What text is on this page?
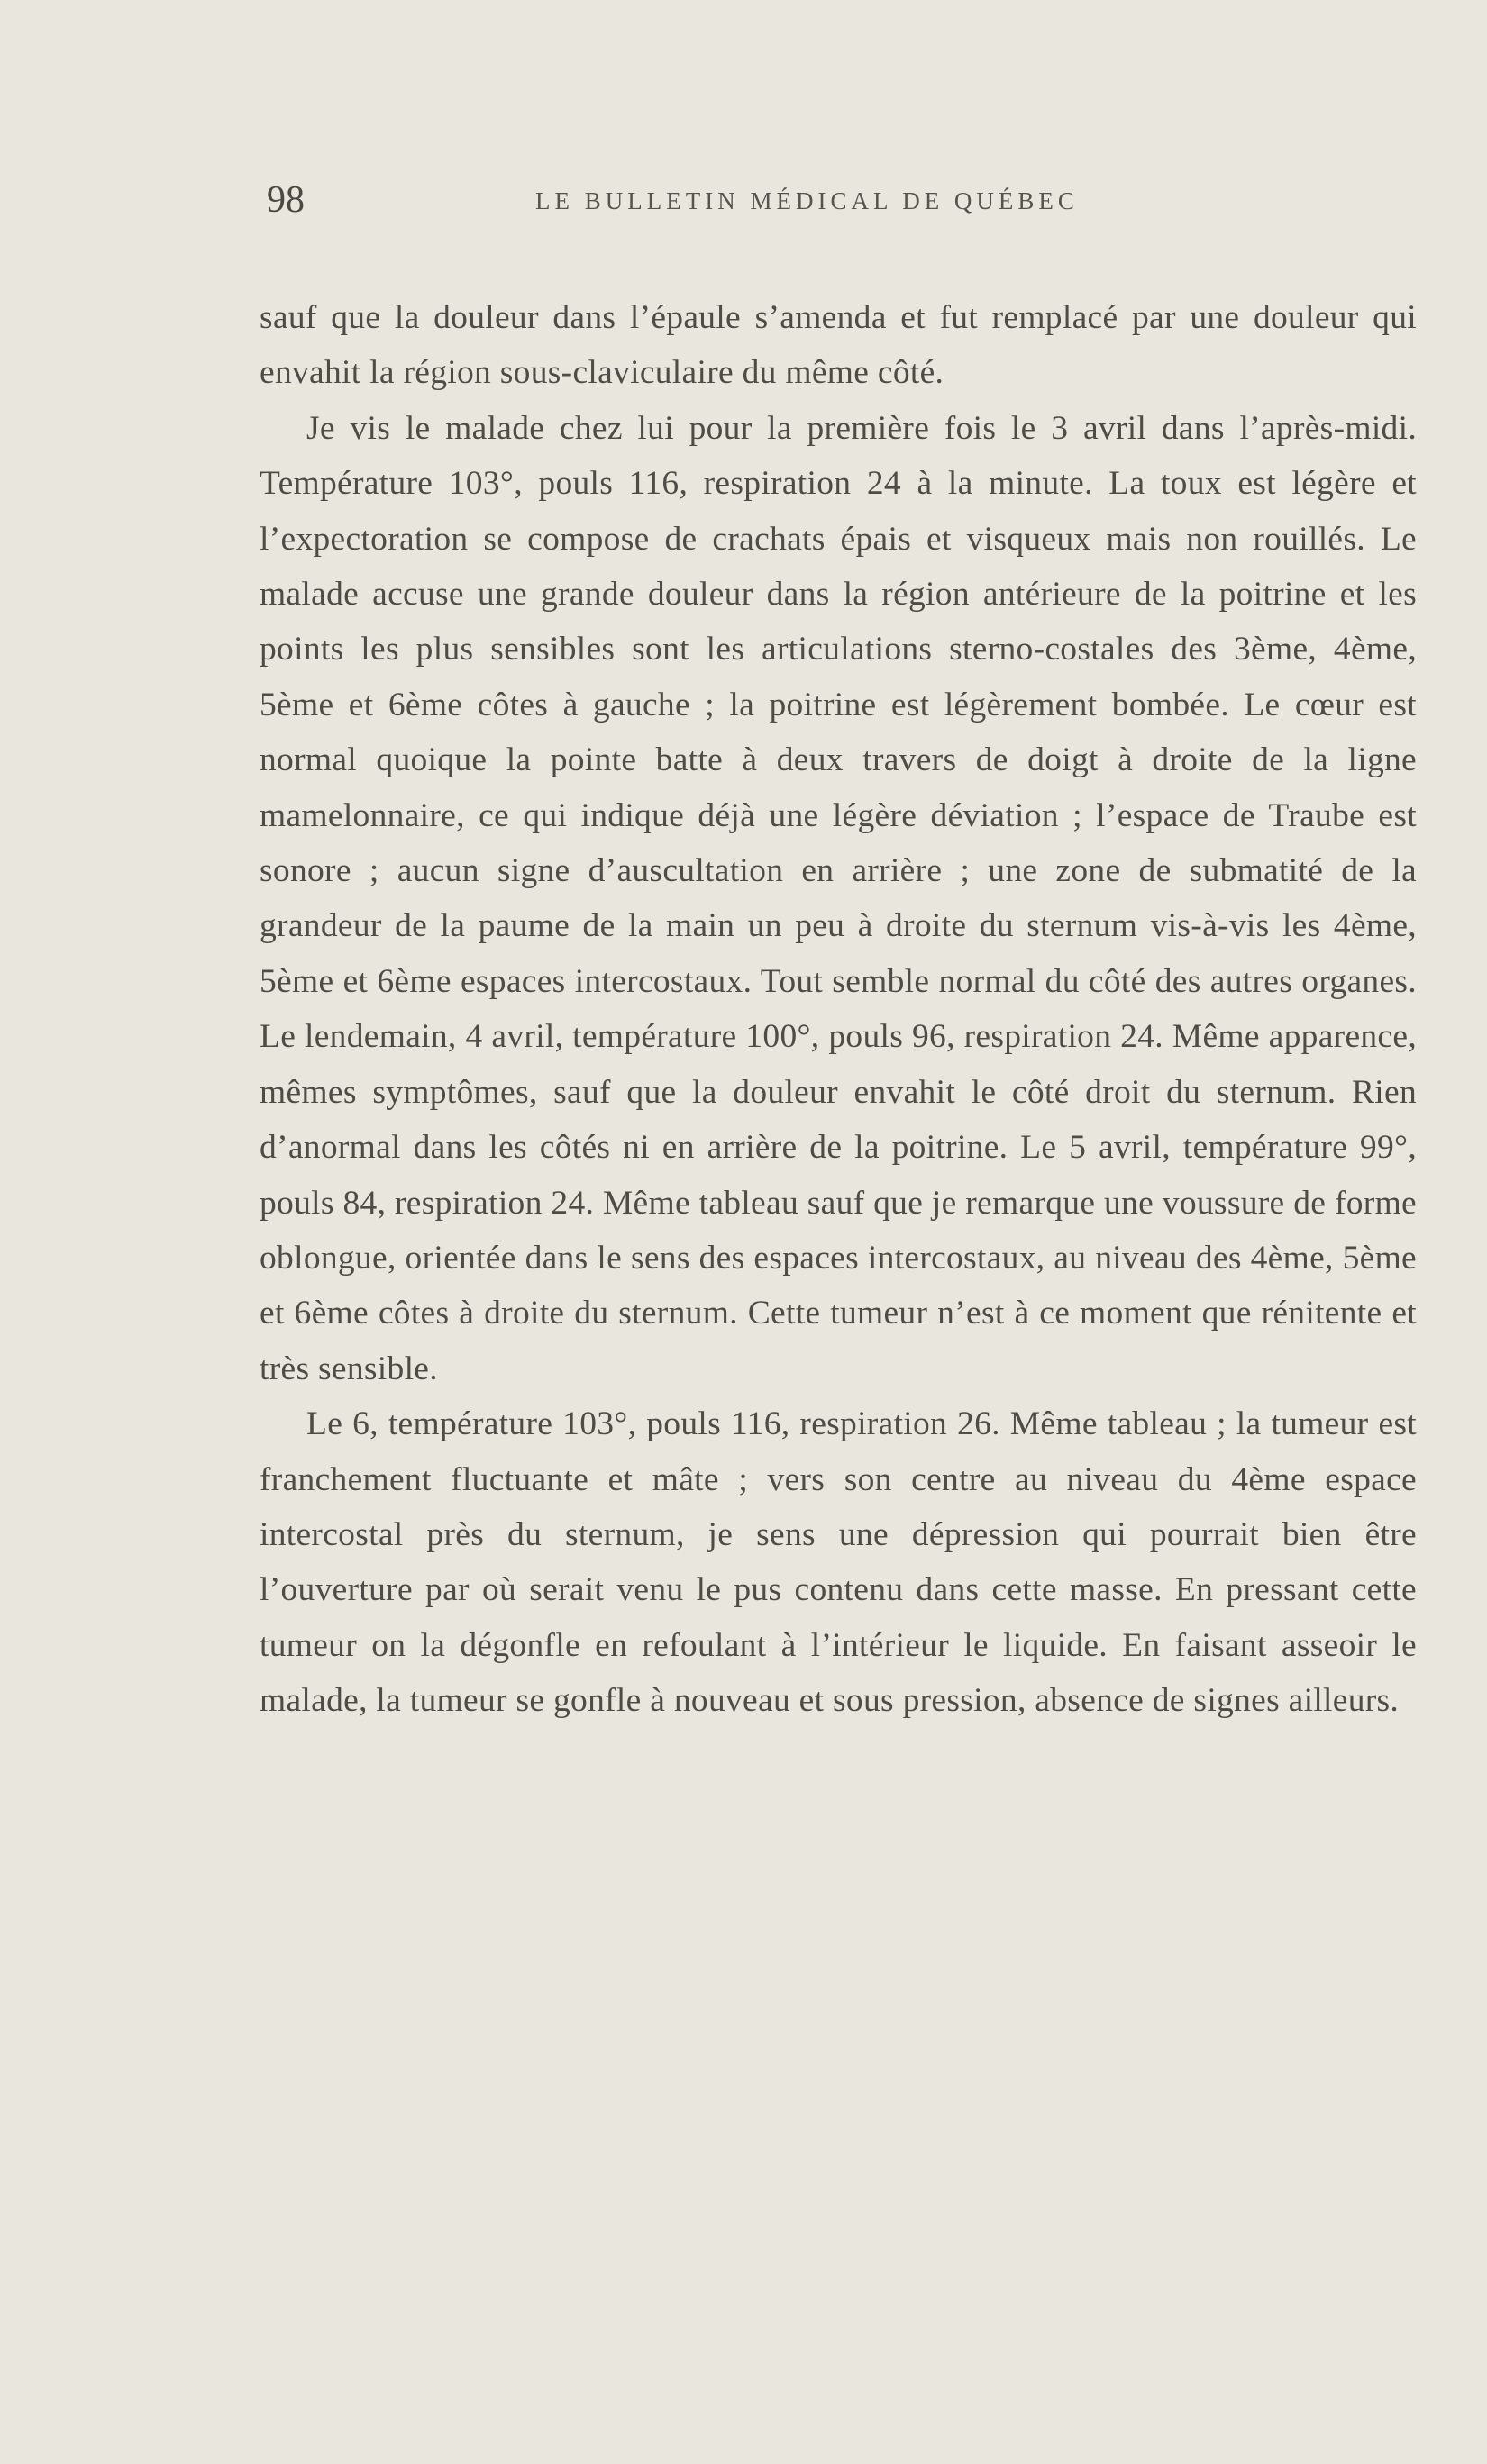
98	LE BULLETIN MÉDICAL DE QUÉBEC

sauf que la douleur dans l’épaule s’amenda et fut remplacé par une douleur qui envahit la région sous-claviculaire du même côté.

Je vis le malade chez lui pour la première fois le 3 avril dans l’après-midi. Température 103°, pouls 116, respiration 24 à la minute. La toux est légère et l’expectoration se compose de crachats épais et visqueux mais non rouillés. Le malade accuse une grande douleur dans la région antérieure de la poitrine et les points les plus sensibles sont les articulations sterno-costales des 3ème, 4ème, 5ème et 6ème côtes à gauche ; la poitrine est légèrement bombée. Le cœur est normal quoique la pointe batte à deux travers de doigt à droite de la ligne mamelonnaire, ce qui indique déjà une légère déviation ; l’espace de Traube est sonore ; aucun signe d’auscultation en arrière ; une zone de submatité de la grandeur de la paume de la main un peu à droite du sternum vis-à-vis les 4ème, 5ème et 6ème espaces intercostaux. Tout semble normal du côté des autres organes. Le lendemain, 4 avril, température 100°, pouls 96, respiration 24. Même apparence, mêmes symptômes, sauf que la douleur envahit le côté droit du sternum. Rien d’anormal dans les côtés ni en arrière de la poitrine. Le 5 avril, température 99°, pouls 84, respiration 24. Même tableau sauf que je remarque une voussure de forme oblongue, orientée dans le sens des espaces intercostaux, au niveau des 4ème, 5ème et 6ème côtes à droite du sternum. Cette tumeur n’est à ce moment que rénitente et très sensible.

Le 6, température 103°, pouls 116, respiration 26. Même tableau ; la tumeur est franchement fluctuante et mâte ; vers son centre au niveau du 4ème espace intercostal près du sternum, je sens une dépression qui pourrait bien être l’ouverture par où serait venu le pus contenu dans cette masse. En pressant cette tumeur on la dégonfle en refoulant à l’intérieur le liquide. En faisant asseoir le malade, la tumeur se gonfle à nouveau et sous pression, absence de signes ailleurs.
